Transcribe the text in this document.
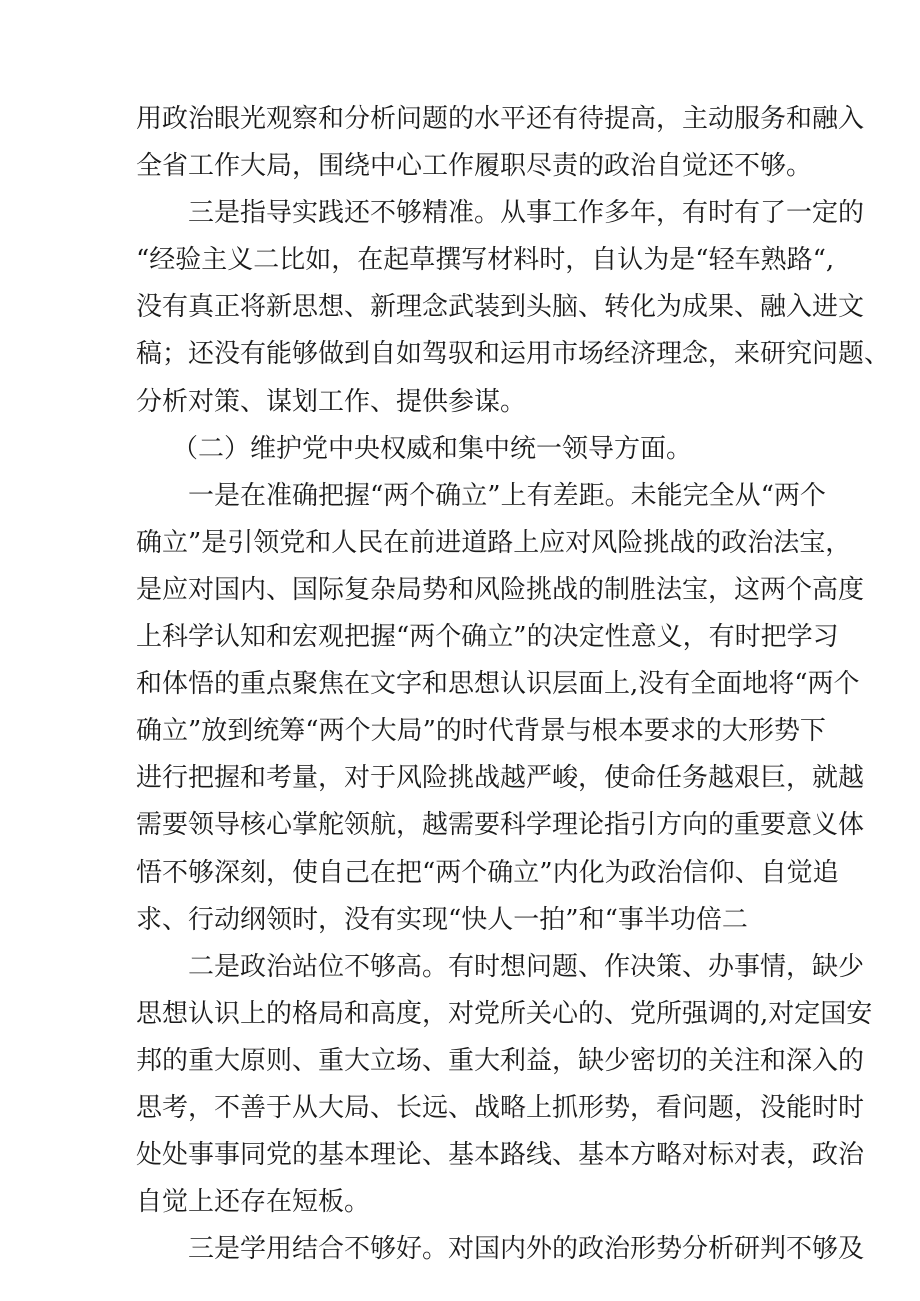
用政治眼光观察和分析问题的水平还有待提高，主动服务和融入
全省工作大局，围绕中心工作履职尽责的政治自觉还不够。
三是指导实践还不够精准。从事工作多年，有时有了一定的
“经验主义二比如，在起草撰写材料时，自认为是“轻车熟路“,
没有真正将新思想、新理念武装到头脑、转化为成果、融入进文
稿；还没有能够做到自如驾驭和运用市场经济理念，来研究问题、
分析对策、谋划工作、提供参谋。
（二）维护党中央权威和集中统一领导方面。
一是在准确把握“两个确立”上有差距。未能完全从“两个
确立”是引领党和人民在前进道路上应对风险挑战的政治法宝，
是应对国内、国际复杂局势和风险挑战的制胜法宝，这两个高度
上科学认知和宏观把握“两个确立”的决定性意义，有时把学习
和体悟的重点聚焦在文字和思想认识层面上,没有全面地将“两个
确立”放到统筹“两个大局”的时代背景与根本要求的大形势下
进行把握和考量，对于风险挑战越严峻，使命任务越艰巨，就越
需要领导核心掌舵领航，越需要科学理论指引方向的重要意义体
悟不够深刻，使自己在把“两个确立”内化为政治信仰、自觉追
求、行动纲领时，没有实现“快人一拍”和“事半功倍二
二是政治站位不够高。有时想问题、作决策、办事情，缺少
思想认识上的格局和高度，对党所关心的、党所强调的,对定国安
邦的重大原则、重大立场、重大利益，缺少密切的关注和深入的
思考，不善于从大局、长远、战略上抓形势，看问题，没能时时
处处事事同党的基本理论、基本路线、基本方略对标对表，政治
自觉上还存在短板。
三是学用结合不够好。对国内外的政治形势分析研判不够及
